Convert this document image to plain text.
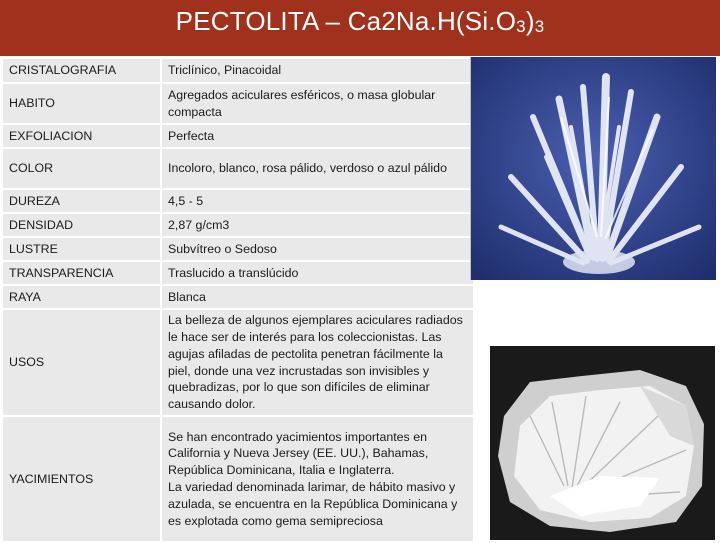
PECTOLITA – $Ca2Na.H(Si.O_3)_3$
CRISTALOGRAFIA	Triclínico, Pinacoidal
HABITO	Agregados aciculares esféricos, o masa globular compacta
EXFOLIACION	Perfecta
COLOR	Incoloro, blanco, rosa pálido, verdoso o azul pálido
DUREZA	4,5 - 5
DENSIDAD	2,87 g/cm3
LUSTRE	Subvítreo o Sedoso
TRANSPARENCIA	Traslucido a translúcido
RAYA	Blanca
USOS	La belleza de algunos ejemplares aciculares radiados le hace ser de interés para los coleccionistas. Las agujas afiladas de pectolita penetran fácilmente la piel, donde una vez incrustadas son invisibles y quebradizas, por lo que son difíciles de eliminar causando dolor.
YACIMIENTOS	Se han encontrado yacimientos importantes en California y Nueva Jersey (EE. UU.), Bahamas, República Dominicana, Italia e Inglaterra.
La variedad denominada larimar, de hábito masivo y azulada, se encuentra en la República Dominicana y es explotada como gema semipreciosa
